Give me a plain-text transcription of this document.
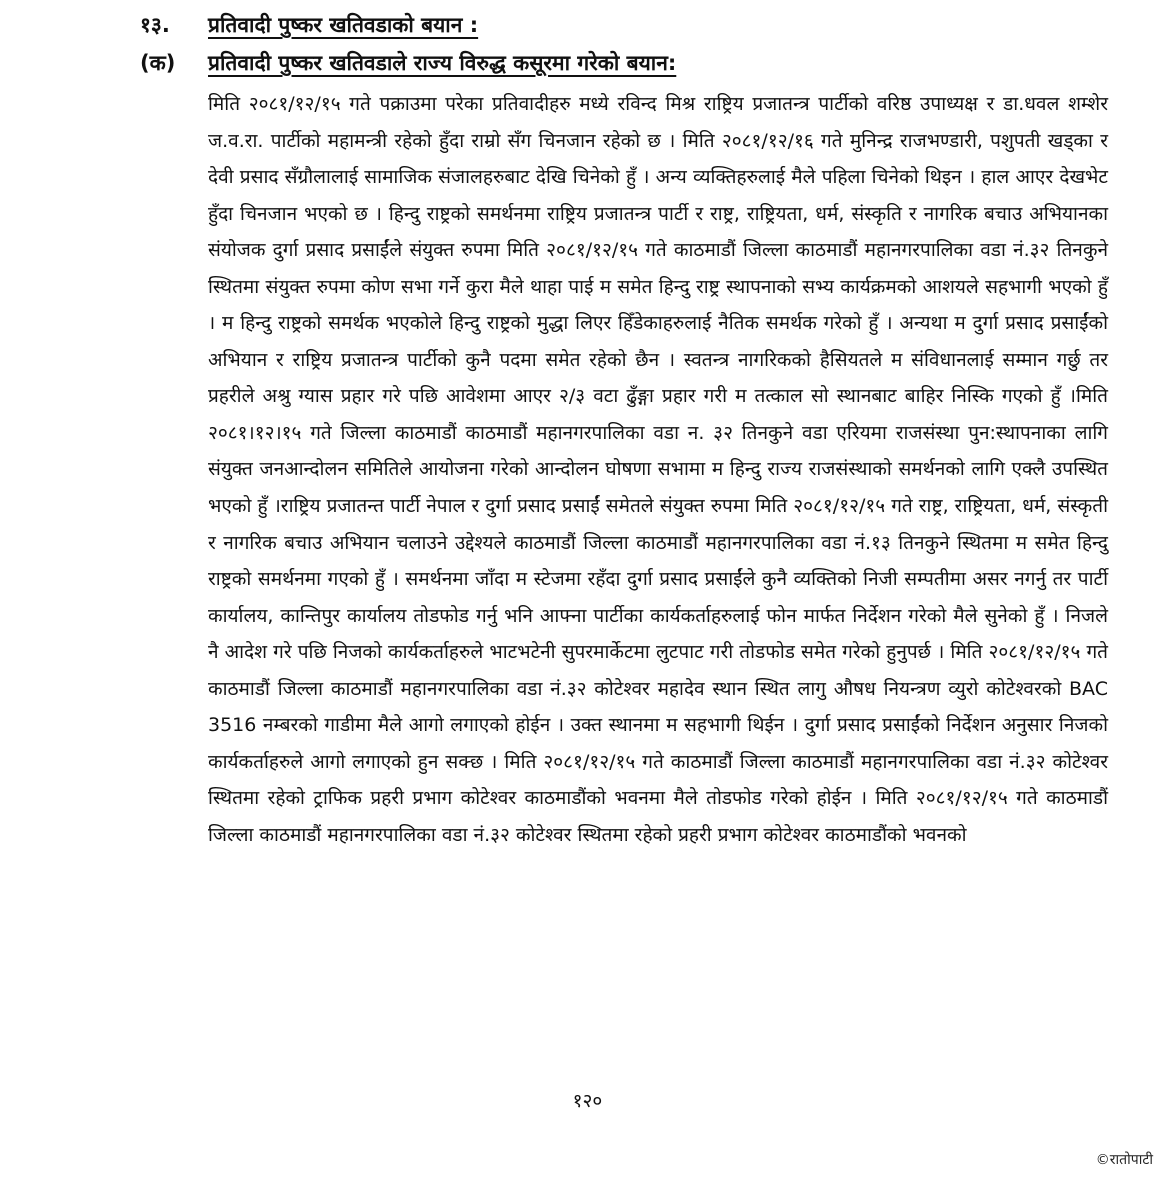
१३.	प्रतिवादी पुष्कर खतिवडाको बयान :
(क)	प्रतिवादी पुष्कर खतिवडाले राज्य विरुद्ध कसूरमा गरेको बयान:

मिति २०८१/१२/१५ गते पक्राउमा परेका प्रतिवादीहरु मध्ये रविन्द मिश्र राष्ट्रिय प्रजातन्त्र पार्टीको वरिष्ठ उपाध्यक्ष र डा.धवल शम्शेर ज.व.रा. पार्टीको महामन्त्री रहेको हुँदा राम्रो सँग चिनजान रहेको छ । मिति २०८१/१२/१६ गते मुनिन्द्र राजभण्डारी, पशुपती खड्का र देवी प्रसाद सँग्रौलालाई सामाजिक संजालहरुबाट देखि चिनेको हुँ । अन्य व्यक्तिहरुलाई मैले पहिला चिनेको थिइन । हाल आएर देखभेट हुँदा चिनजान भएको छ । हिन्दु राष्ट्रको समर्थनमा राष्ट्रिय प्रजातन्त्र पार्टी र राष्ट्र, राष्ट्रियता, धर्म, संस्कृति र नागरिक बचाउ अभियानका संयोजक दुर्गा प्रसाद प्रसाईंले संयुक्त रुपमा मिति २०८१/१२/१५ गते काठमाडौं जिल्ला काठमाडौं महानगरपालिका वडा नं.३२ तिनकुने स्थितमा संयुक्त रुपमा कोण सभा गर्ने कुरा मैले थाहा पाई म समेत हिन्दु राष्ट्र स्थापनाको सभ्य कार्यक्रमको आशयले सहभागी भएको हुँ । म हिन्दु राष्ट्रको समर्थक भएकोले हिन्दु राष्ट्रको मुद्धा लिएर हिँडेकाहरुलाई नैतिक समर्थक गरेको हुँ । अन्यथा म दुर्गा प्रसाद प्रसाईंको अभियान र राष्ट्रिय प्रजातन्त्र पार्टीको कुनै पदमा समेत रहेको छैन । स्वतन्त्र नागरिकको हैसियतले म संविधानलाई सम्मान गर्छु तर प्रहरीले अश्रु ग्यास प्रहार गरे पछि आवेशमा आएर २/३ वटा ढुँङ्गा प्रहार गरी म तत्काल सो स्थानबाट बाहिर निस्कि गएको हुँ ।मिति २०८१।१२।१५ गते जिल्ला काठमाडौं काठमाडौं महानगरपालिका वडा न. ३२ तिनकुने वडा एरियमा राजसंस्था पुन:स्थापनाका लागि संयुक्त जनआन्दोलन समितिले आयोजना गरेको आन्दोलन घोषणा सभामा म हिन्दु राज्य राजसंस्थाको समर्थनको लागि एक्लै उपस्थित भएको हुँ ।राष्ट्रिय प्रजातन्त पार्टी नेपाल र दुर्गा प्रसाद प्रसाईं समेतले संयुक्त रुपमा मिति २०८१/१२/१५ गते राष्ट्र, राष्ट्रियता, धर्म, संस्कृती र नागरिक बचाउ अभियान चलाउने उद्देश्यले काठमाडौं जिल्ला काठमाडौं महानगरपालिका वडा नं.१३ तिनकुने स्थितमा म समेत हिन्दु राष्ट्रको समर्थनमा गएको हुँ । समर्थनमा जाँदा म स्टेजमा रहँदा दुर्गा प्रसाद प्रसाईंले कुनै व्यक्तिको निजी सम्पतीमा असर नगर्नु तर पार्टी कार्यालय, कान्तिपुर कार्यालय तोडफोड गर्नु भनि आफ्ना पार्टीका कार्यकर्ताहरुलाई फोन मार्फत निर्देशन गरेको मैले सुनेको हुँ । निजले नै आदेश गरे पछि निजको कार्यकर्ताहरुले भाटभटेनी सुपरमार्केटमा लुटपाट गरी तोडफोड समेत गरेको हुनुपर्छ । मिति २०८१/१२/१५ गते काठमाडौं जिल्ला काठमाडौं महानगरपालिका वडा नं.३२ कोटेश्वर महादेव स्थान स्थित लागु औषध नियन्त्रण व्युरो कोटेश्वरको BAC 3516 नम्बरको गाडीमा मैले आगो लगाएको होईन । उक्त स्थानमा म सहभागी थिईन । दुर्गा प्रसाद प्रसाईंको निर्देशन अनुसार निजको कार्यकर्ताहरुले आगो लगाएको हुन सक्छ । मिति २०८१/१२/१५ गते काठमाडौं जिल्ला काठमाडौं महानगरपालिका वडा नं.३२ कोटेश्वर स्थितमा रहेको ट्राफिक प्रहरी प्रभाग कोटेश्वर काठमाडौंको भवनमा मैले तोडफोड गरेको होईन । मिति २०८१/१२/१५ गते काठमाडौं जिल्ला काठमाडौं महानगरपालिका वडा नं.३२ कोटेश्वर स्थितमा रहेको प्रहरी प्रभाग कोटेश्वर काठमाडौंको भवनको

१२०
©रातोपाटी
